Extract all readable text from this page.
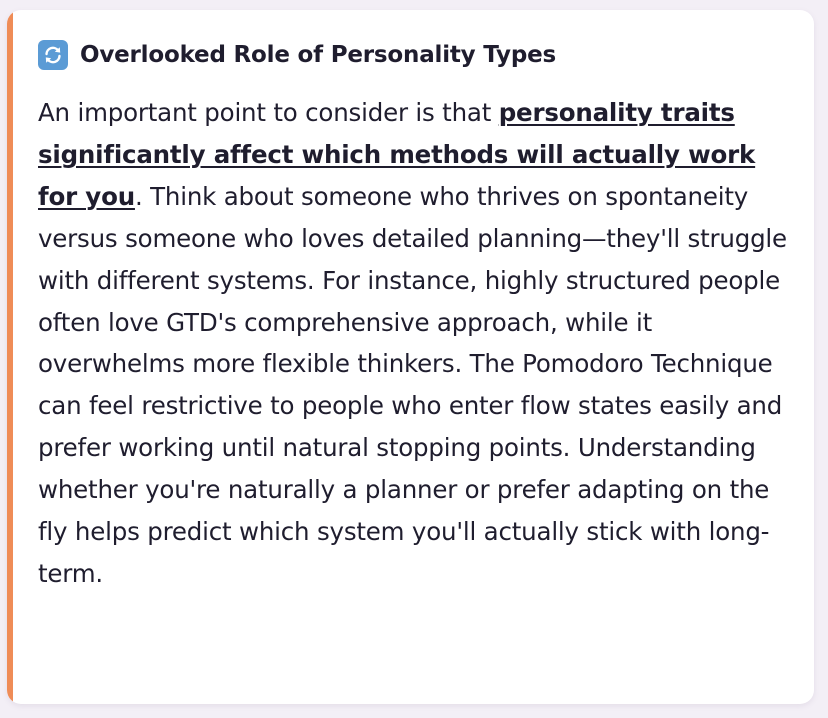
Overlooked Role of Personality Types

An important point to consider is that personality traits significantly affect which methods will actually work for you. Think about someone who thrives on spontaneity versus someone who loves detailed planning—they'll struggle with different systems. For instance, highly structured people often love GTD's comprehensive approach, while it overwhelms more flexible thinkers. The Pomodoro Technique can feel restrictive to people who enter flow states easily and prefer working until natural stopping points. Understanding whether you're naturally a planner or prefer adapting on the fly helps predict which system you'll actually stick with long-term.
